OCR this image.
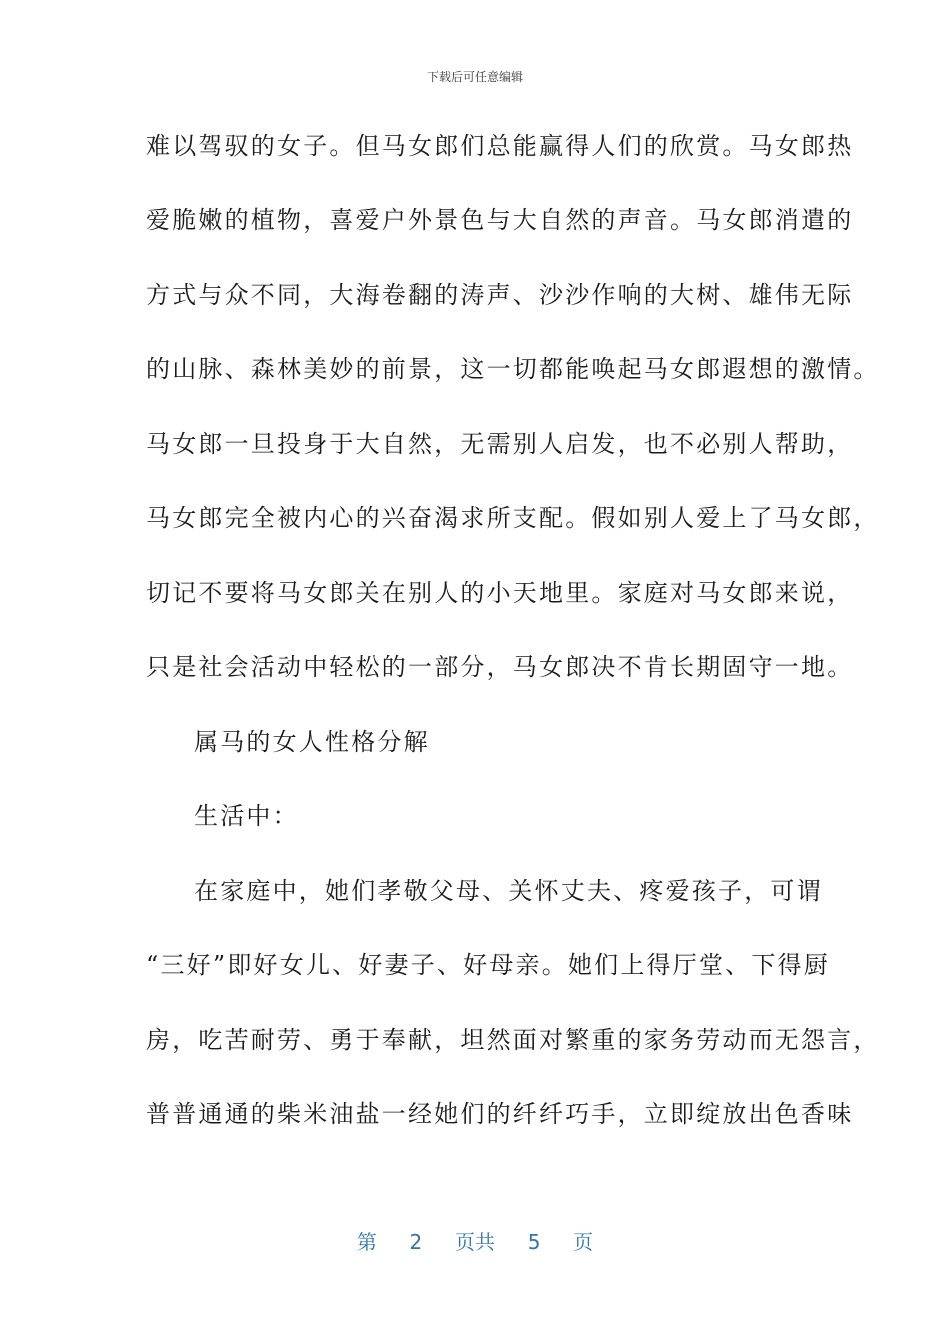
下载后可任意编辑
难以驾驭的女子。但马女郎们总能赢得人们的欣赏。马女郎热
爱脆嫩的植物，喜爱户外景色与大自然的声音。马女郎消遣的
方式与众不同，大海卷翻的涛声、沙沙作响的大树、雄伟无际
的山脉、森林美妙的前景，这一切都能唤起马女郎遐想的激情。
马女郎一旦投身于大自然，无需别人启发，也不必别人帮助，
马女郎完全被内心的兴奋渴求所支配。假如别人爱上了马女郎，
切记不要将马女郎关在别人的小天地里。家庭对马女郎来说，
只是社会活动中轻松的一部分，马女郎决不肯长期固守一地。
属马的女人性格分解
生活中：
在家庭中，她们孝敬父母、关怀丈夫、疼爱孩子，可谓
“三好”即好女儿、好妻子、好母亲。她们上得厅堂、下得厨
房，吃苦耐劳、勇于奉献，坦然面对繁重的家务劳动而无怨言，
普普通通的柴米油盐一经她们的纤纤巧手，立即绽放出色香味
第 2 页共 5 页
